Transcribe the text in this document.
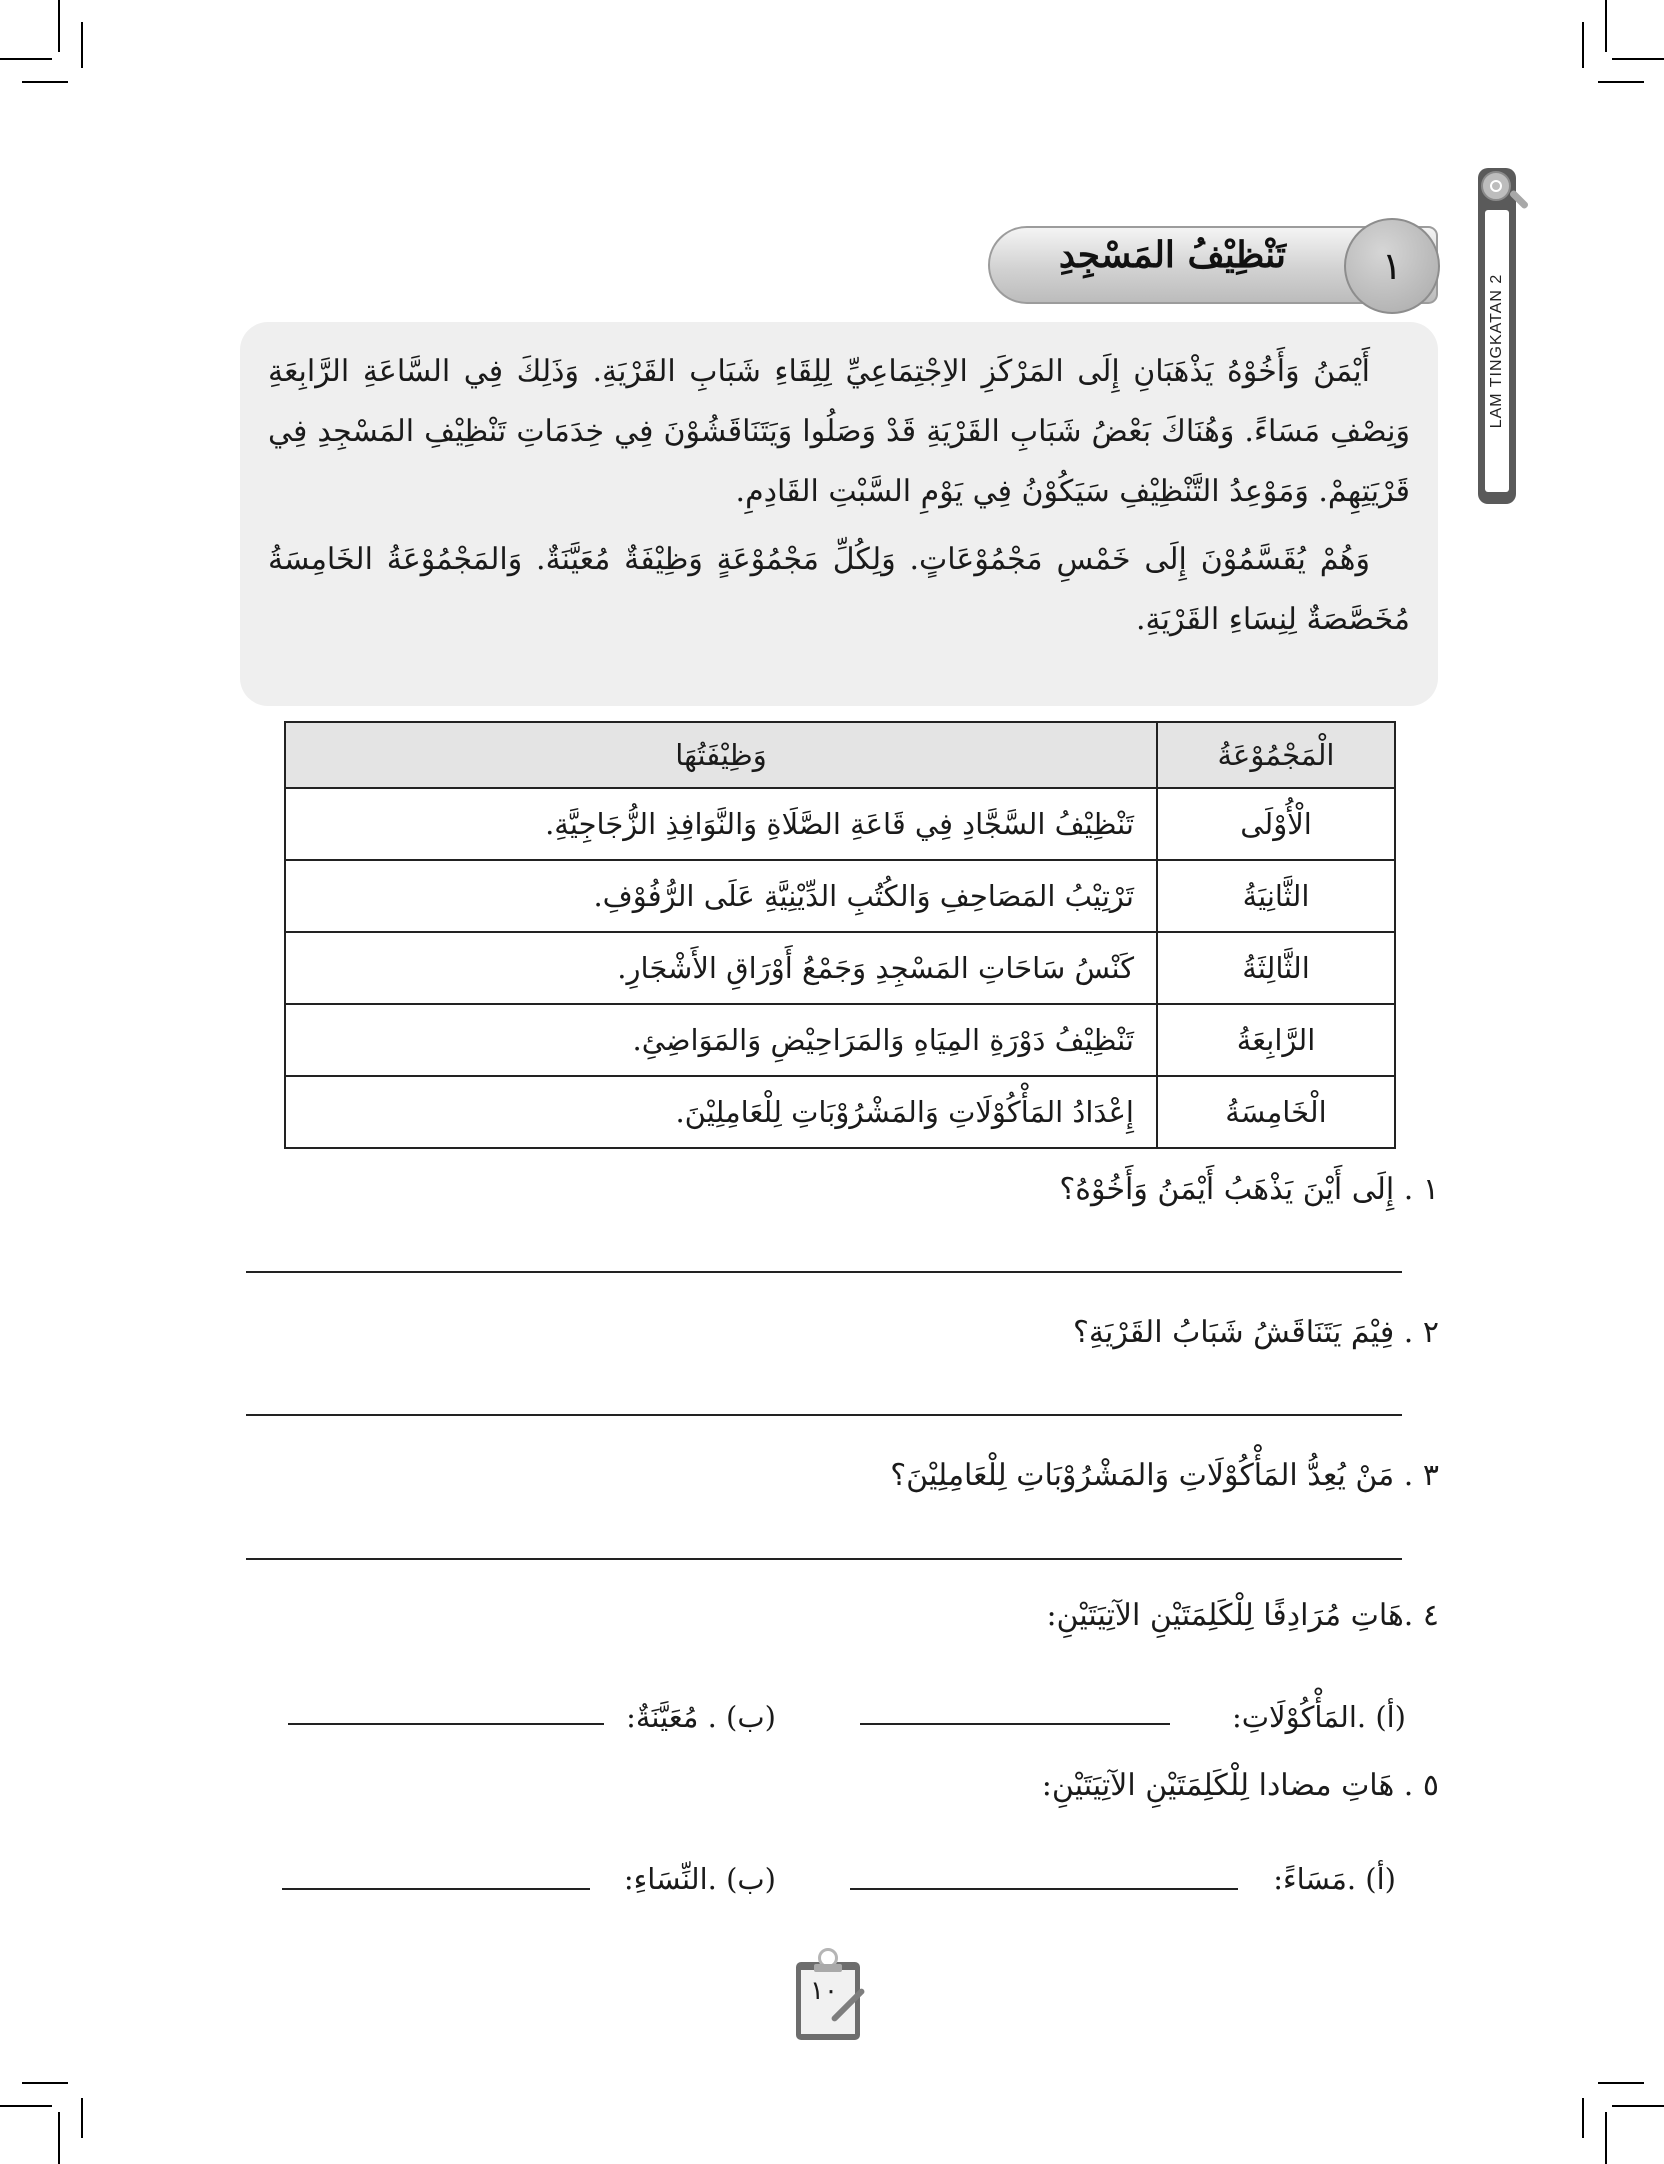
LAM TINGKATAN 2
تَنْظِيْفُ المَسْجِدِ	١

أَيْمَنُ وَأَخُوْهُ يَذْهَبَانِ إِلَى المَرْكَزِ الاِجْتِمَاعِيِّ لِلِقَاءِ شَبَابِ القَرْيَةِ. وَذَلِكَ فِي السَّاعَةِ الرَّابِعَةِ وَنِصْفِ مَسَاءً. وَهُنَاكَ بَعْضُ شَبَابِ القَرْيَةِ قَدْ وَصَلُوا وَيَتَنَاقَشُوْنَ فِي خِدَمَاتِ تَنْظِيْفِ المَسْجِدِ فِي قَرْيَتِهِمْ. وَمَوْعِدُ التَّنْظِيْفِ سَيَكُوْنُ فِي يَوْمِ السَّبْتِ القَادِمِ.

وَهُمْ يُقَسَّمُوْنَ إِلَى خَمْسِ مَجْمُوْعَاتٍ. وَلِكُلِّ مَجْمُوْعَةٍ وَظِيْفَةٌ مُعَيَّنَةٌ. وَالمَجْمُوْعَةُ الخَامِسَةُ مُخَصَّصَةٌ لِنِسَاءِ القَرْيَةِ.

الْمَجْمُوْعَةُ	وَظِيْفَتُهَا
الْأُوْلَى	تَنْظِيْفُ السَّجَّادِ فِي قَاعَةِ الصَّلَاةِ وَالنَّوَافِذِ الزُّجَاجِيَّةِ.
الثَّانِيَةُ	تَرْتِيْبُ المَصَاحِفِ وَالكُتُبِ الدِّيْنِيَّةِ عَلَى الرُّفُوْفِ.
الثَّالِثَةُ	كَنْسُ سَاحَاتِ المَسْجِدِ وَجَمْعُ أَوْرَاقِ الأَشْجَارِ.
الرَّابِعَةُ	تَنْظِيْفُ دَوْرَةِ المِيَاهِ وَالمَرَاحِيْضِ وَالمَوَاضِئِ.
الْخَامِسَةُ	إِعْدَادُ المَأْكُوْلَاتِ وَالمَشْرُوْبَاتِ لِلْعَامِلِيْنَ.
١ . إِلَى أَيْنَ يَذْهَبُ أَيْمَنُ وَأَخُوْهُ؟
٢ . فِيْمَ يَتَنَاقَشُ شَبَابُ القَرْيَةِ؟
٣ . مَنْ يُعِدُّ المَأْكُوْلَاتِ وَالمَشْرُوْبَاتِ لِلْعَامِلِيْنَ؟
٤ .هَاتِ مُرَادِفًا لِلْكَلِمَتَيْنِ الآتِيَتَيْنِ:
(أ) .المَأْكُوْلَاتِ:
(ب) . مُعَيَّنَةٌ:
٥ . هَاتِ مضادا لِلْكَلِمَتَيْنِ الآتِيَتَيْنِ:
(أ) .مَسَاءً:
(ب) .النِّسَاءِ:
١٠
